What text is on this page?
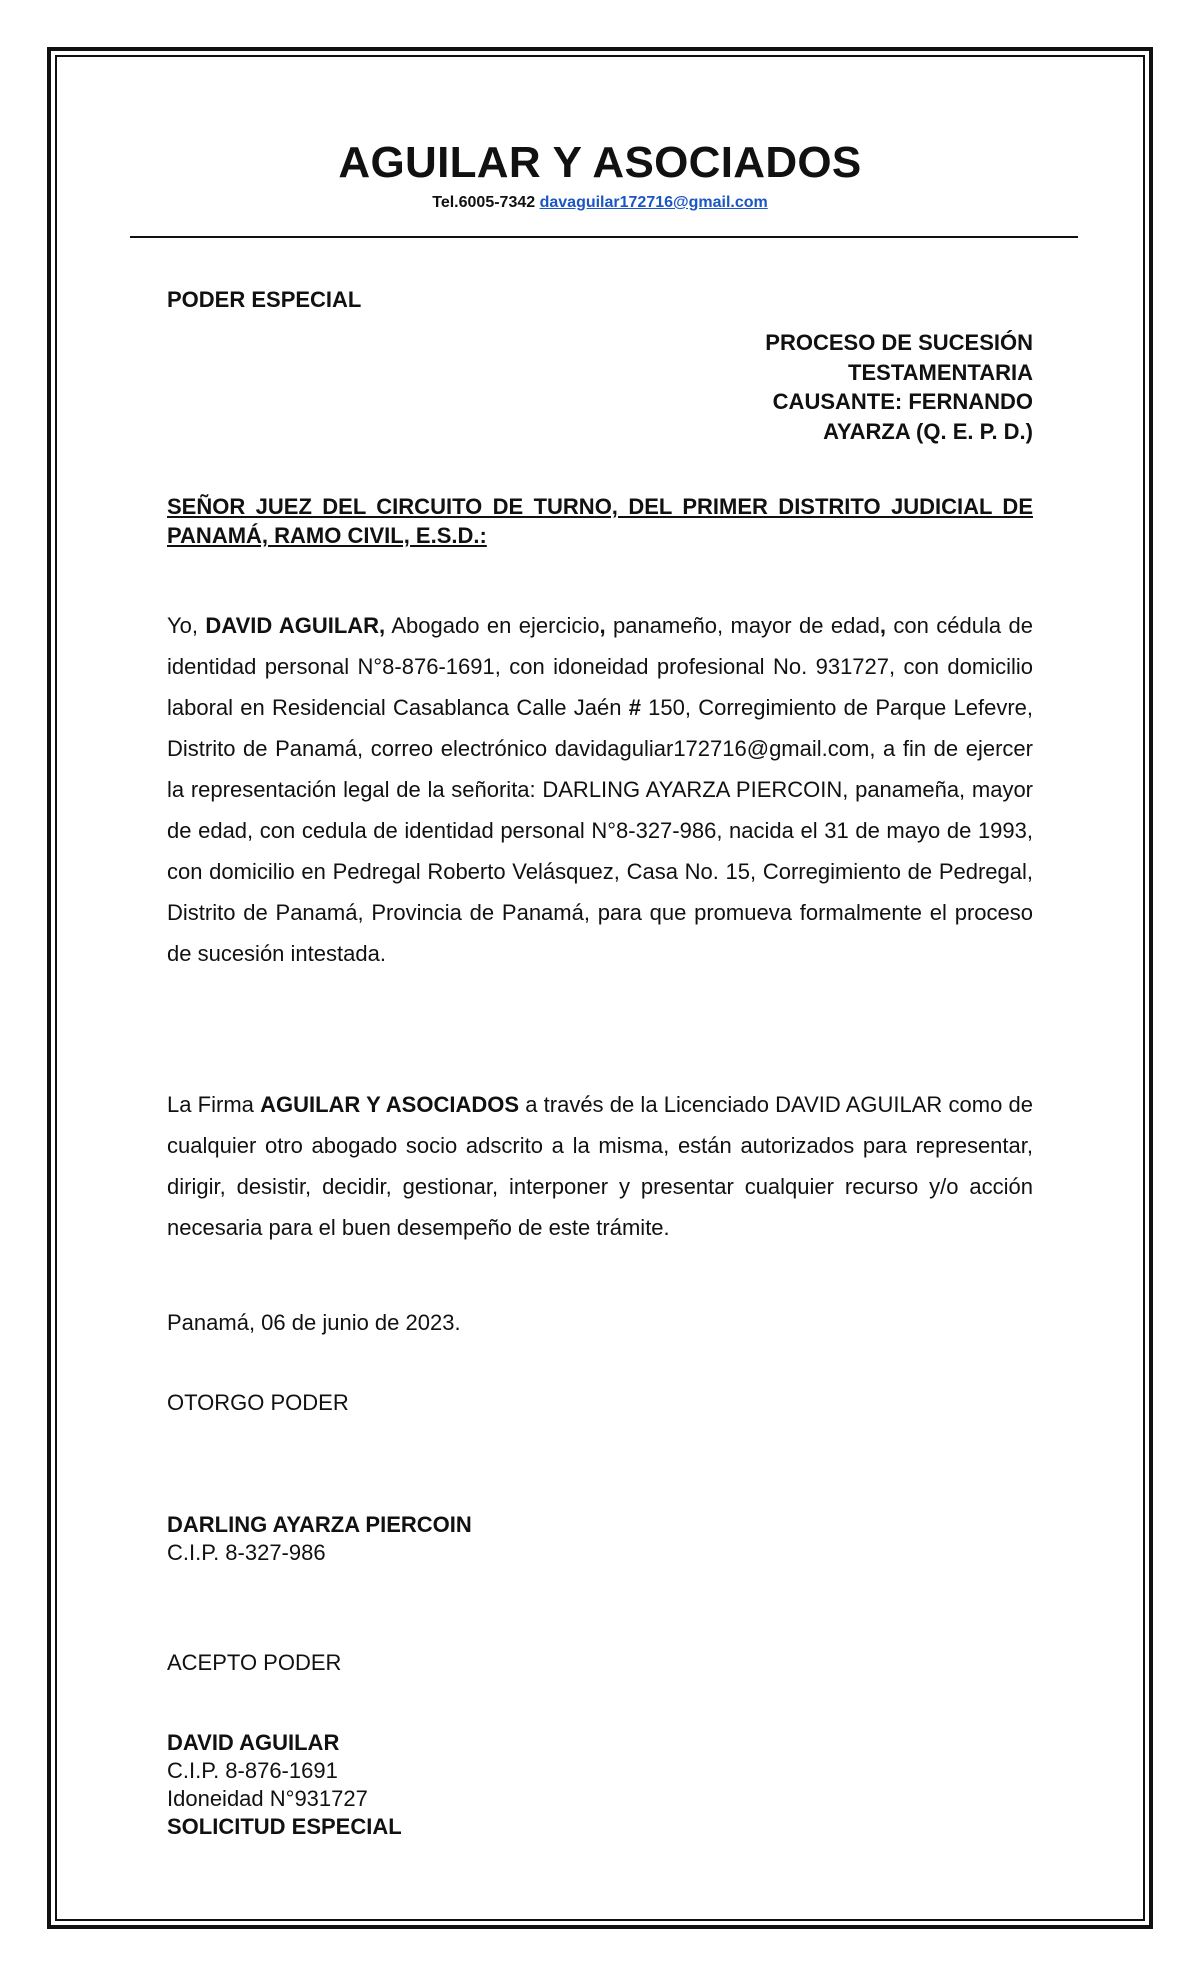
AGUILAR Y ASOCIADOS
Tel.6005-7342 davaguilar172716@gmail.com
PODER ESPECIAL
PROCESO DE SUCESIÓN
TESTAMENTARIA
CAUSANTE: FERNANDO
AYARZA (Q. E. P. D.)
SEÑOR JUEZ DEL CIRCUITO DE TURNO, DEL PRIMER DISTRITO JUDICIAL DE PANAMÁ, RAMO CIVIL, E.S.D.:
Yo, DAVID AGUILAR, Abogado en ejercicio, panameño, mayor de edad, con cédula de identidad personal N°8-876-1691, con idoneidad profesional No. 931727, con domicilio laboral en Residencial Casablanca Calle Jaén # 150, Corregimiento de Parque Lefevre, Distrito de Panamá, correo electrónico davidaguliar172716@gmail.com, a fin de ejercer la representación legal de la señorita: DARLING AYARZA PIERCOIN, panameña, mayor de edad, con cedula de identidad personal N°8-327-986, nacida el 31 de mayo de 1993, con domicilio en Pedregal Roberto Velásquez, Casa No. 15, Corregimiento de Pedregal, Distrito de Panamá, Provincia de Panamá, para que promueva formalmente el proceso de sucesión intestada.
La Firma AGUILAR Y ASOCIADOS a través de la Licenciado DAVID AGUILAR como de cualquier otro abogado socio adscrito a la misma, están autorizados para representar, dirigir, desistir, decidir, gestionar, interponer y presentar cualquier recurso y/o acción necesaria para el buen desempeño de este trámite.
Panamá, 06 de junio de 2023.
OTORGO PODER
DARLING AYARZA PIERCOIN
C.I.P. 8-327-986
ACEPTO PODER
DAVID AGUILAR
C.I.P. 8-876-1691
Idoneidad N°931727
SOLICITUD ESPECIAL
